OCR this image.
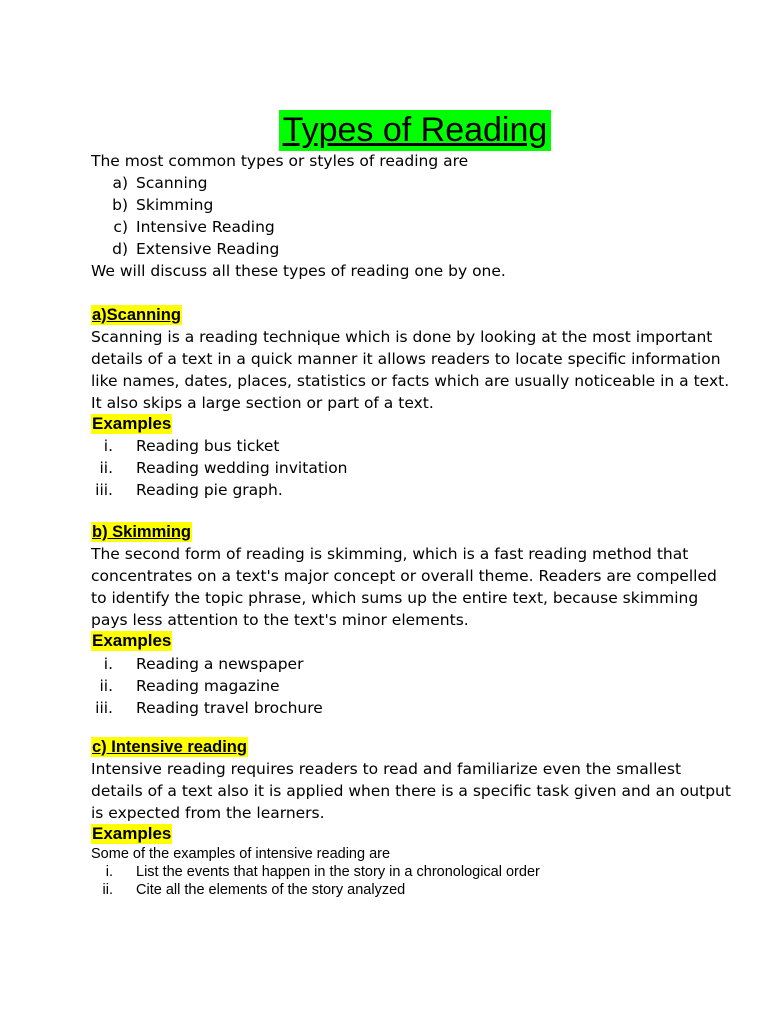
Types of Reading
The most common types or styles of reading are
a) Scanning
b) Skimming
c) Intensive Reading
d) Extensive Reading
We will discuss all these types of reading one by one.
a)Scanning
Scanning is a reading technique which is done by looking at the most important
details of a text in a quick manner it allows readers to locate specific information
like names, dates, places, statistics or facts which are usually noticeable in a text.
It also skips a large section or part of a text.
Examples
i. Reading bus ticket
ii. Reading wedding invitation
iii. Reading pie graph.
b) Skimming
The second form of reading is skimming, which is a fast reading method that
concentrates on a text's major concept or overall theme. Readers are compelled
to identify the topic phrase, which sums up the entire text, because skimming
pays less attention to the text's minor elements.
Examples
i. Reading a newspaper
ii. Reading magazine
iii. Reading travel brochure
c) Intensive reading
Intensive reading requires readers to read and familiarize even the smallest
details of a text also it is applied when there is a specific task given and an output
is expected from the learners.
Examples
Some of the examples of intensive reading are
i. List the events that happen in the story in a chronological order
ii. Cite all the elements of the story analyzed
